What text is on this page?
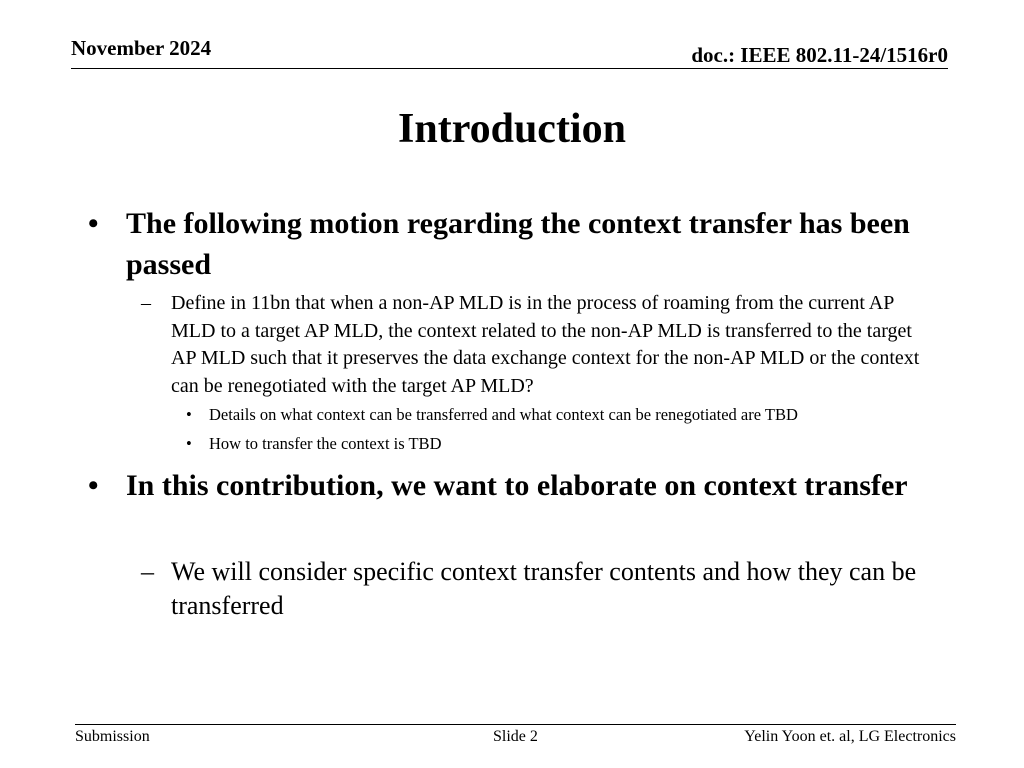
November 2024	doc.: IEEE 802.11-24/1516r0
Introduction
• The following motion regarding the context transfer has been passed
– Define in 11bn that when a non-AP MLD is in the process of roaming from the current AP MLD to a target AP MLD, the context related to the non-AP MLD is transferred to the target AP MLD such that it preserves the data exchange context for the non-AP MLD or the context can be renegotiated with the target AP MLD?
• Details on what context can be transferred and what context can be renegotiated are TBD
• How to transfer the context is TBD
• In this contribution, we want to elaborate on context transfer
– We will consider specific context transfer contents and how they can be transferred
Submission	Slide 2	Yelin Yoon et. al, LG Electronics
